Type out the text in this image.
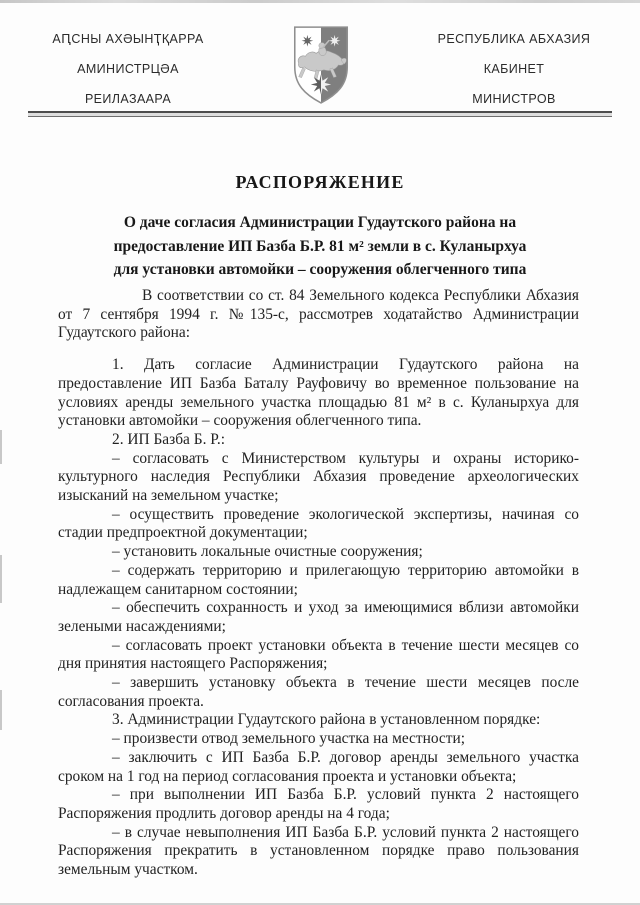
АԤСНЫ АХӘЫНҬҚАРРА
АМИНИСТРЦӘА
РЕИЛАЗААРА
РЕСПУБЛИКА АБХАЗИЯ
КАБИНЕТ
МИНИСТРОВ
РАСПОРЯЖЕНИЕ
О даче согласия Администрации Гудаутского района на
предоставление ИП Базба Б.Р. 81 м² земли в с. Куланырхуа
для установки автомойки – сооружения облегченного типа

В соответствии со ст. 84 Земельного кодекса Республики Абхазия от 7 сентября 1994 г. №135-с, рассмотрев ходатайство Администрации Гудаутского района:

1. Дать согласие Администрации Гудаутского района на предоставление ИП Базба Баталу Рауфовичу во временное пользование на условиях аренды земельного участка площадью 81 м² в с. Куланырхуа для установки автомойки – сооружения облегченного типа.

2. ИП Базба Б. Р.:

– согласовать с Министерством культуры и охраны историко-культурного наследия Республики Абхазия проведение археологических изысканий на земельном участке;

– осуществить проведение экологической экспертизы, начиная со стадии предпроектной документации;

– установить локальные очистные сооружения;

– содержать территорию и прилегающую территорию автомойки в надлежащем санитарном состоянии;

– обеспечить сохранность и уход за имеющимися вблизи автомойки зелеными насаждениями;

– согласовать проект установки объекта в течение шести месяцев со дня принятия настоящего Распоряжения;

– завершить установку объекта в течение шести месяцев после согласования проекта.

3. Администрации Гудаутского района в установленном порядке:

– произвести отвод земельного участка на местности;

– заключить с ИП Базба Б.Р. договор аренды земельного участка сроком на 1 год на период согласования проекта и установки объекта;

– при выполнении ИП Базба Б.Р. условий пункта 2 настоящего Распоряжения продлить договор аренды на 4 года;

– в случае невыполнения ИП Базба Б.Р. условий пункта 2 настоящего Распоряжения прекратить в установленном порядке право пользования земельным участком.
